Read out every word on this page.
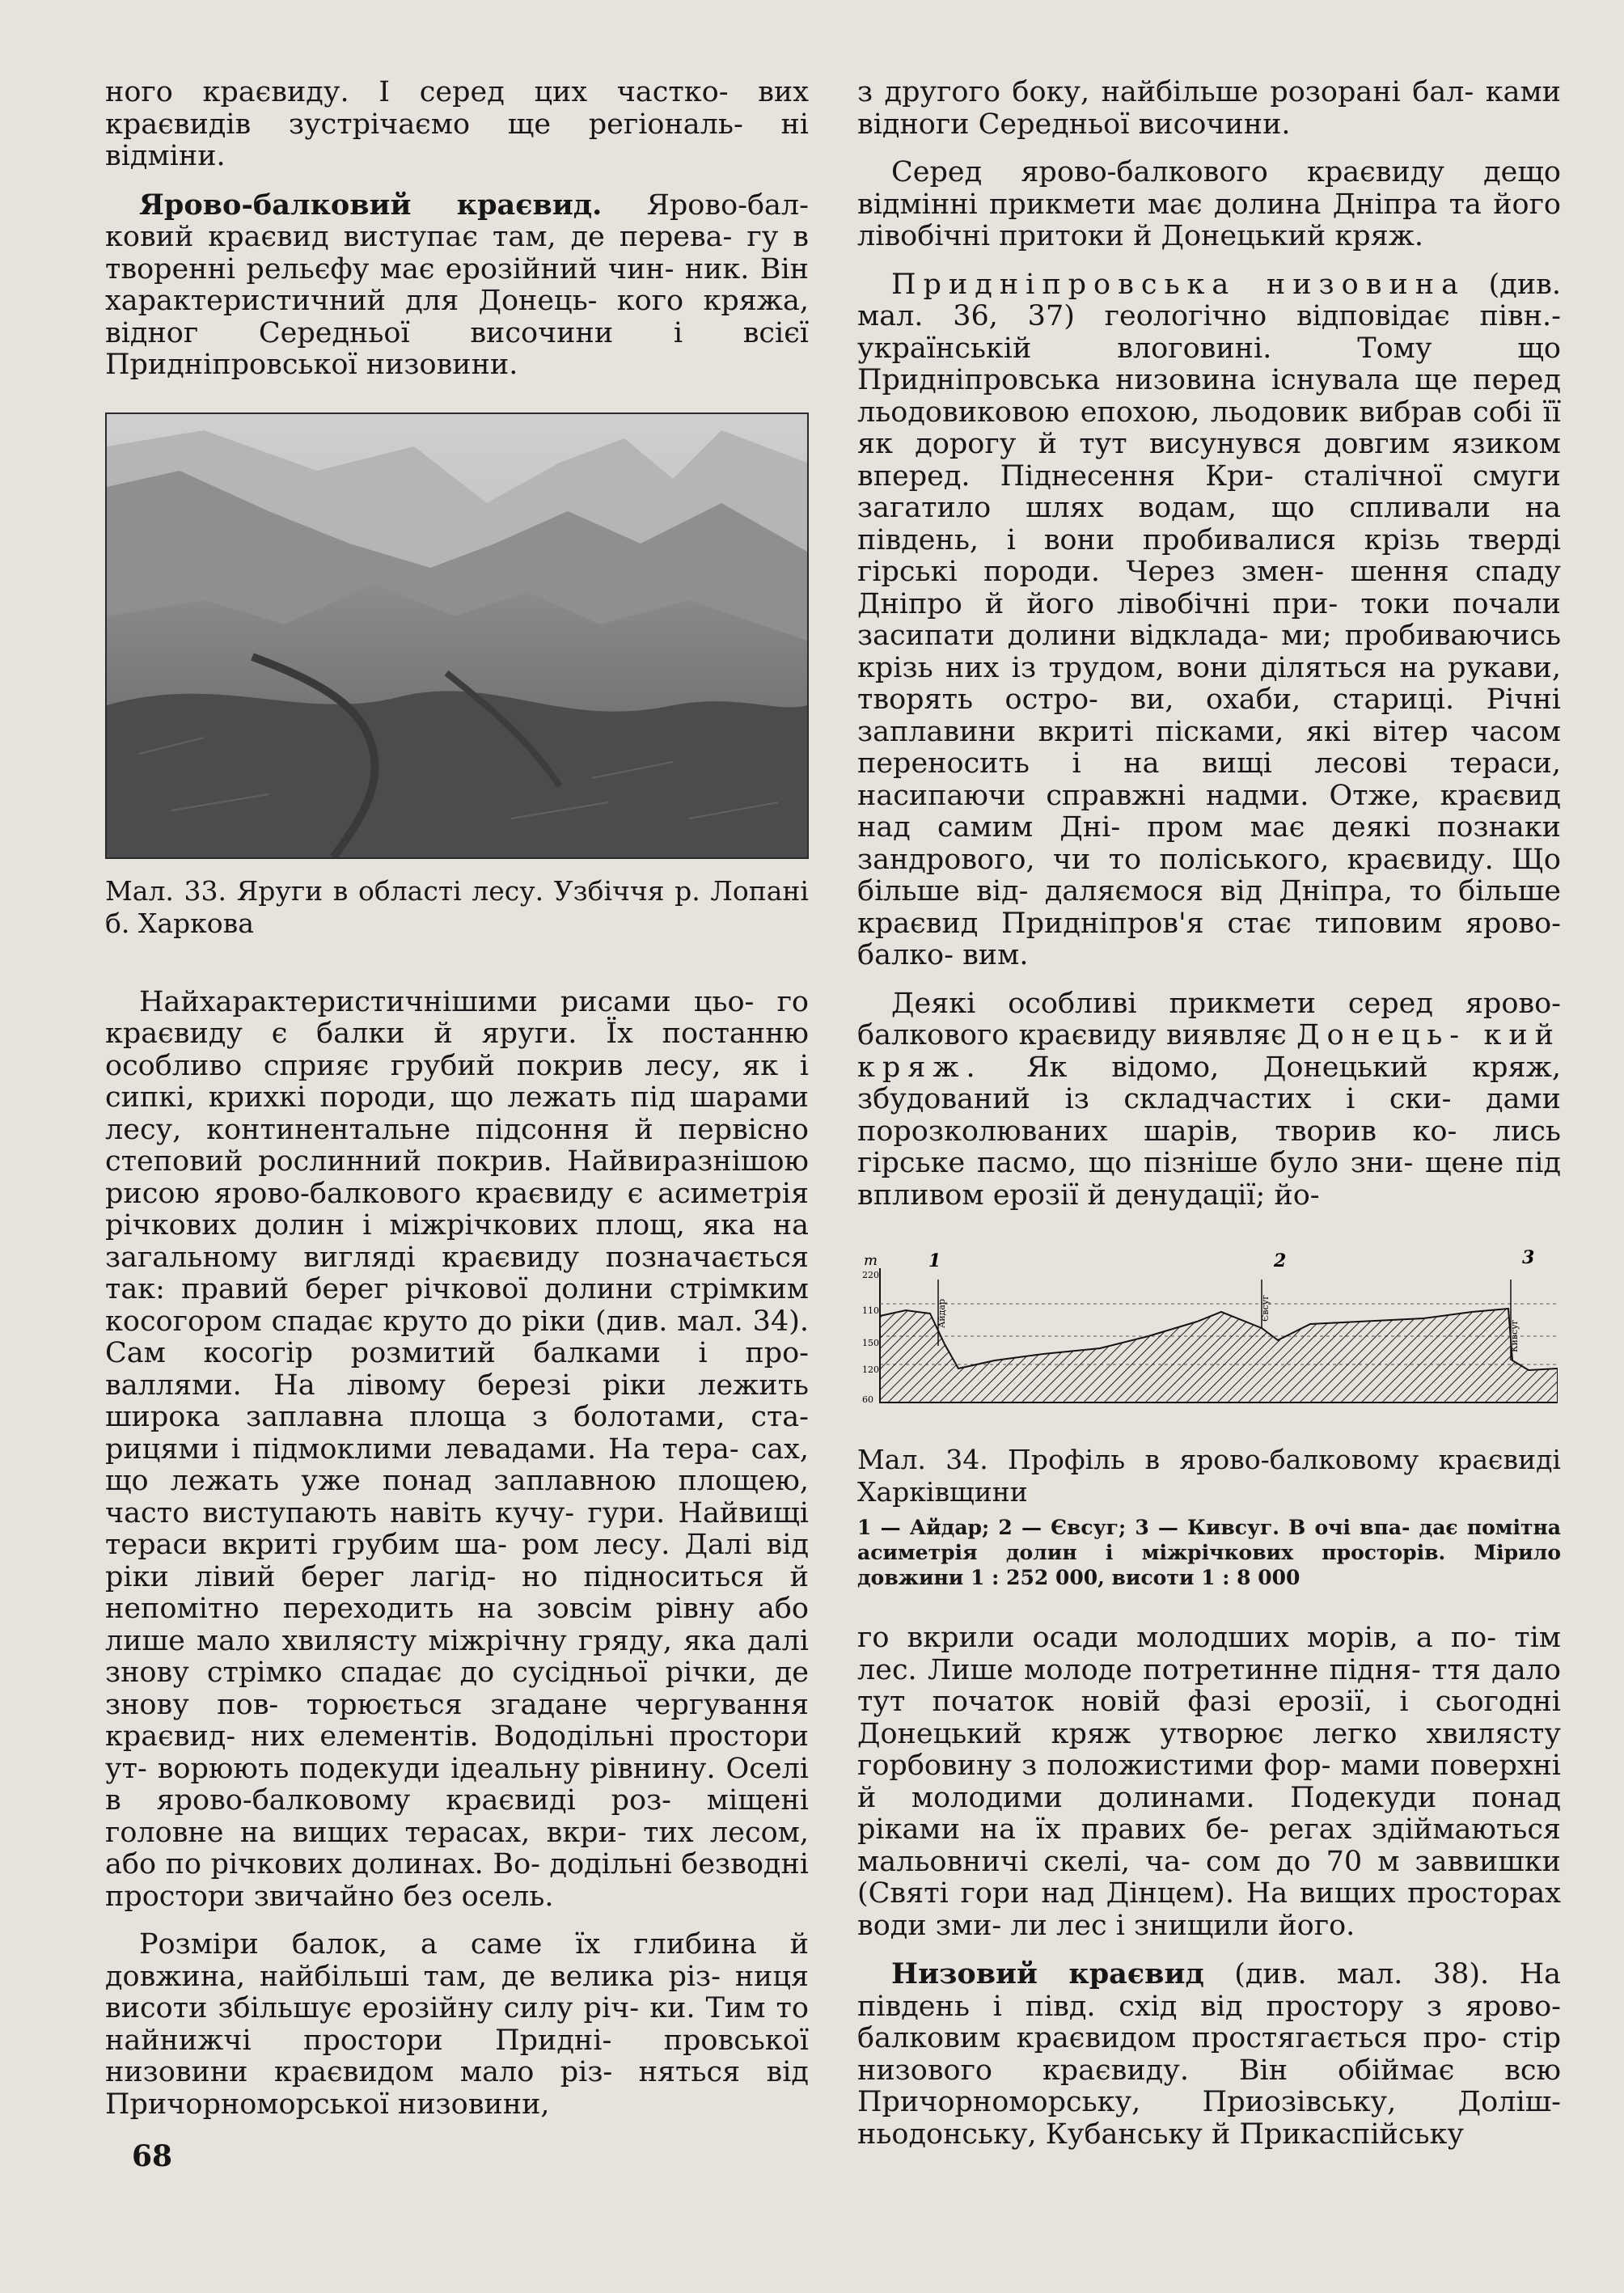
ного краєвиду. І серед цих частко- вих краєвидів зустрічаємо ще регіональ- ні відміни.

Ярово-балковий краєвид. Ярово-бал- ковий краєвид виступає там, де перева- гу в творенні рельєфу має ерозійний чин- ник. Він характеристичний для Донець- кого кряжа, відног Середньої височини і всієї Придніпровської низовини.

Мал. 33. Яруги в області лесу. Узбіччя р. Лопані б. Харкова

Найхарактеристичнішими рисами цьо- го краєвиду є балки й яруги. Їх постанню особливо сприяє грубий покрив лесу, як і сипкі, крихкі породи, що лежать під шарами лесу, континентальне підсоння й первісно степовий рослинний покрив. Найвиразнішою рисою ярово-балкового краєвиду є асиметрія річкових долин і міжрічкових площ, яка на загальному вигляді краєвиду позначається так: правий берег річкової долини стрімким косогором спадає круто до ріки (див. мал. 34). Сам косогір розмитий балками і про- валлями. На лівому березі ріки лежить широка заплавна площа з болотами, ста- рицями і підмоклими левадами. На тера- сах, що лежать уже понад заплавною площею, часто виступають навіть кучу- гури. Найвищі тераси вкриті грубим ша- ром лесу. Далі від ріки лівий берег лагід- но підноситься й непомітно переходить на зовсім рівну або лише мало хвилясту міжрічну гряду, яка далі знову стрімко спадає до сусідньої річки, де знову пов- торюється згадане чергування краєвид- них елементів. Вододільні простори ут- ворюють подекуди ідеальну рівнину. Оселі в ярово-балковому краєвиді роз- міщені головне на вищих терасах, вкри- тих лесом, або по річкових долинах. Во- додільні безводні простори звичайно без осель.

Розміри балок, а саме їх глибина й довжина, найбільші там, де велика різ- ниця висоти збільшує ерозійну силу річ- ки. Тим то найнижчі простори Придні- провської низовини краєвидом мало різ- няться від Причорноморської низовини,

з другого боку, найбільше розорані бал- ками відноги Середньої височини.

Серед ярово-балкового краєвиду дещо відмінні прикмети має долина Дніпра та його лівобічні притоки й Донецький кряж.

Придніпровська низовина (див. мал. 36, 37) геологічно відповідає півн.-українській влоговині. Тому що Придніпровська низовина існувала ще перед льодовиковою епохою, льодовик вибрав собі її як дорогу й тут висунувся довгим язиком вперед. Піднесення Кри- сталічної смуги загатило шлях водам, що спливали на південь, і вони пробивалися крізь тверді гірські породи. Через змен- шення спаду Дніпро й його лівобічні при- токи почали засипати долини відклада- ми; пробиваючись крізь них із трудом, вони діляться на рукави, творять остро- ви, охаби, стариці. Річні заплавини вкриті пісками, які вітер часом переносить і на вищі лесові тераси, насипаючи справжні надми. Отже, краєвид над самим Дні- пром має деякі познаки зандрового, чи то поліського, краєвиду. Що більше від- даляємося від Дніпра, то більше краєвид Придніпров'я стає типовим ярово-балко- вим.

Деякі особливі прикмети серед ярово- балкового краєвиду виявляє Донець- кий кряж. Як відомо, Донецький кряж, збудований із складчастих і ски- дами порозколюваних шарів, творив ко- лись гірське пасмо, що пізніше було зни- щене під впливом ерозії й денудації; йо-

m
220
110
150
120
60
1	2	3
Айдар	Євсуг
Кивсуг

Мал. 34. Профіль в ярово-балковому краєвиді Харківщини

1 — Айдар; 2 — Євсуг; 3 — Кивсуг. В очі впа- дає помітна асиметрія долин і міжрічкових просторів. Мірило довжини 1 : 252 000, висоти 1 : 8 000

го вкрили осади молодших морів, а по- тім лес. Лише молоде потретинне підня- ття дало тут початок новій фазі ерозії, і сьогодні Донецький кряж утворює легко хвилясту горбовину з положистими фор- мами поверхні й молодими долинами. Подекуди понад ріками на їх правих бе- регах здіймаються мальовничі скелі, ча- сом до 70 м заввишки (Святі гори над Дінцем). На вищих просторах води зми- ли лес і знищили його.

Низовий краєвид (див. мал. 38). На південь і півд. схід від простору з ярово- балковим краєвидом простягається про- стір низового краєвиду. Він обіймає всю Причорноморську, Приозівську, Доліш- ньодонську, Кубанську й Прикаспійську

68
